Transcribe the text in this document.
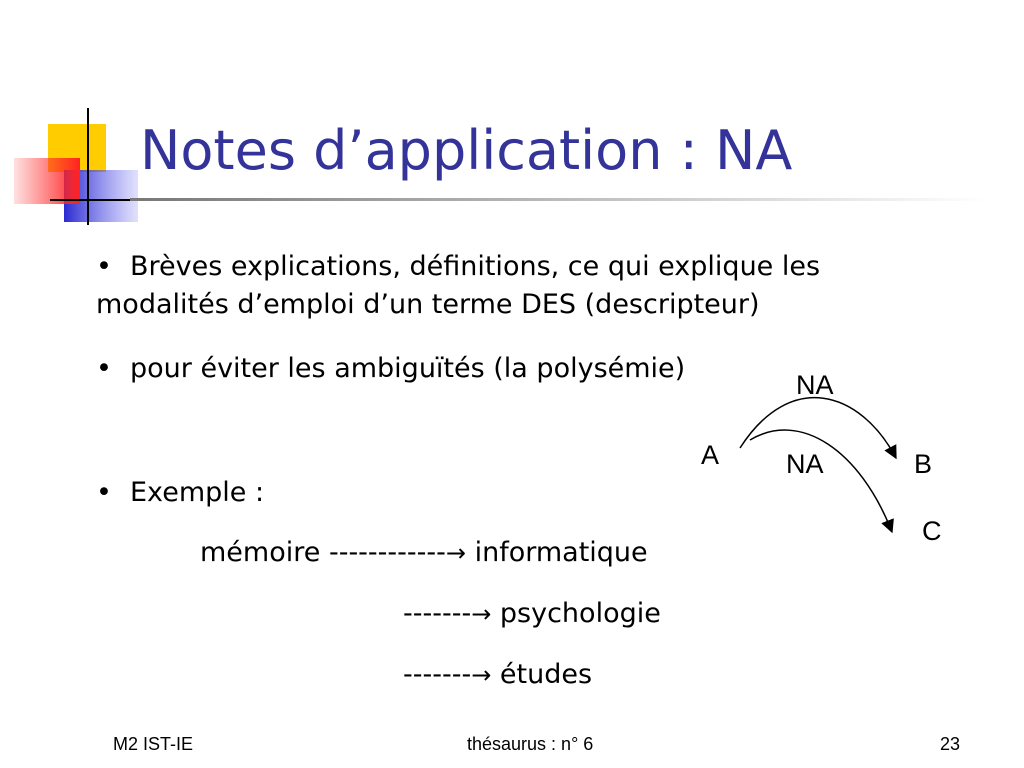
Notes d’application : NA
• Brèves explications, définitions, ce qui explique les
modalités d’emploi d’un terme DES (descripteur)
• pour éviter les ambiguïtés (la polysémie)
• Exemple :
mémoire ------------→ informatique
-------→ psychologie
-------→ études
NA
A NA	B
C
M2 IST-IE	thésaurus : n° 6	23
